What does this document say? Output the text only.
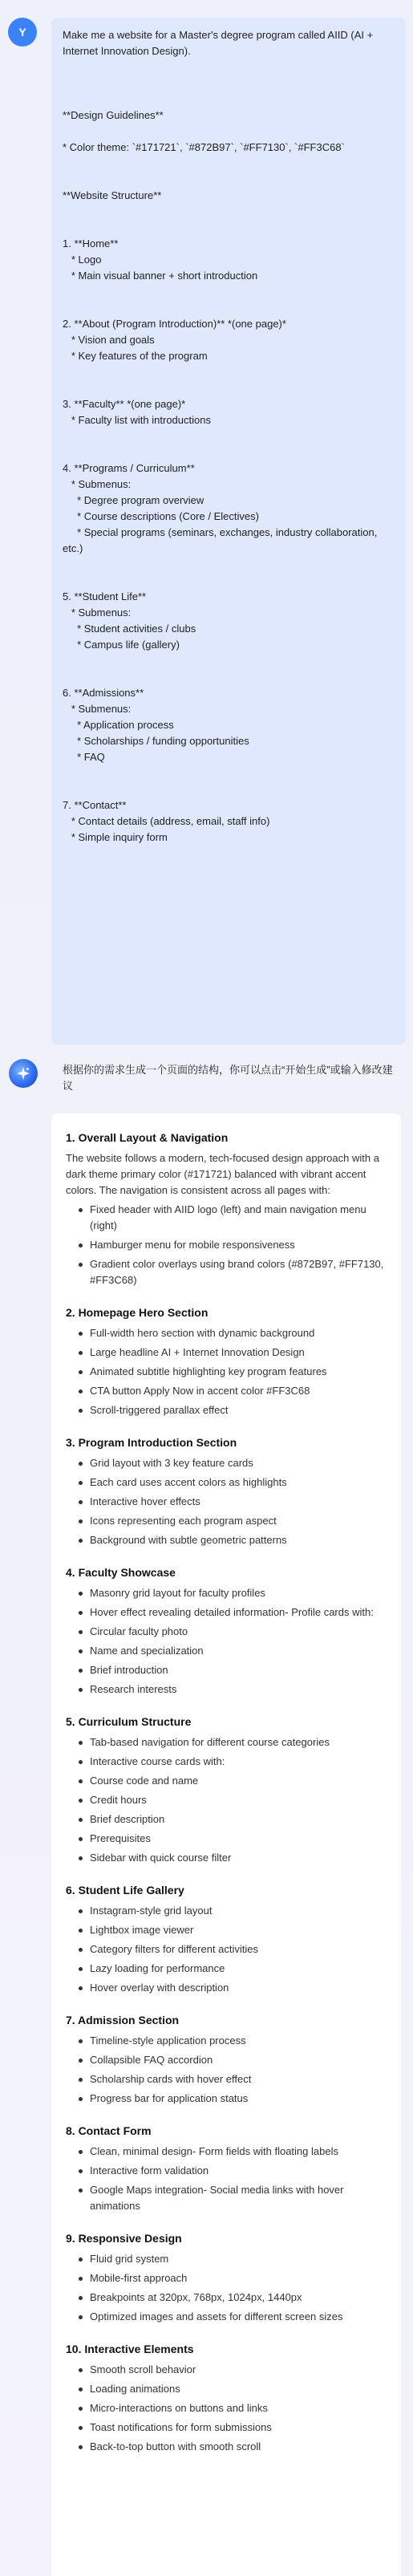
Y	Make me a website for a Master's degree program called AIID (AI + Internet Innovation Design).

**Design Guidelines**

* Color theme: `#171721`, `#872B97`, `#FF7130`, `#FF3C68`

**Website Structure**

1. **Home**
* Logo
* Main visual banner + short introduction

2. **About (Program Introduction)** *(one page)*
* Vision and goals
* Key features of the program

3. **Faculty** *(one page)*
* Faculty list with introductions

4. **Programs / Curriculum**
* Submenus:
* Degree program overview
* Course descriptions (Core / Electives)
* Special programs (seminars, exchanges, industry collaboration, etc.)

5. **Student Life**
* Submenus:
* Student activities / clubs
* Campus life (gallery)

6. **Admissions**
* Submenus:
* Application process
* Scholarships / funding opportunities
* FAQ

7. **Contact**
* Contact details (address, email, staff info)
* Simple inquiry form

根据你的需求生成一个页面的结构，你可以点击“开始生成”或输入修改建议
1. Overall Layout & Navigation
The website follows a modern, tech-focused design approach with a dark theme primary color (#171721) balanced with vibrant accent colors. The navigation is consistent across all pages with:
Fixed header with AIID logo (left) and main navigation menu (right)
Hamburger menu for mobile responsiveness
Gradient color overlays using brand colors (#872B97, #FF7130, #FF3C68)
2. Homepage Hero Section
Full-width hero section with dynamic background
Large headline AI + Internet Innovation Design
Animated subtitle highlighting key program features
CTA button Apply Now in accent color #FF3C68
Scroll-triggered parallax effect
3. Program Introduction Section
Grid layout with 3 key feature cards
Each card uses accent colors as highlights
Interactive hover effects
Icons representing each program aspect
Background with subtle geometric patterns
4. Faculty Showcase
Masonry grid layout for faculty profiles
Hover effect revealing detailed information- Profile cards with:
Circular faculty photo
Name and specialization
Brief introduction
Research interests
5. Curriculum Structure
Tab-based navigation for different course categories
Interactive course cards with:
Course code and name
Credit hours
Brief description
Prerequisites
Sidebar with quick course filter
6. Student Life Gallery
Instagram-style grid layout
Lightbox image viewer
Category filters for different activities
Lazy loading for performance
Hover overlay with description
7. Admission Section
Timeline-style application process
Collapsible FAQ accordion
Scholarship cards with hover effect
Progress bar for application status
8. Contact Form
Clean, minimal design- Form fields with floating labels
Interactive form validation
Google Maps integration- Social media links with hover animations
9. Responsive Design
Fluid grid system
Mobile-first approach
Breakpoints at 320px, 768px, 1024px, 1440px
Optimized images and assets for different screen sizes
10. Interactive Elements
Smooth scroll behavior
Loading animations
Micro-interactions on buttons and links
Toast notifications for form submissions
Back-to-top button with smooth scroll
